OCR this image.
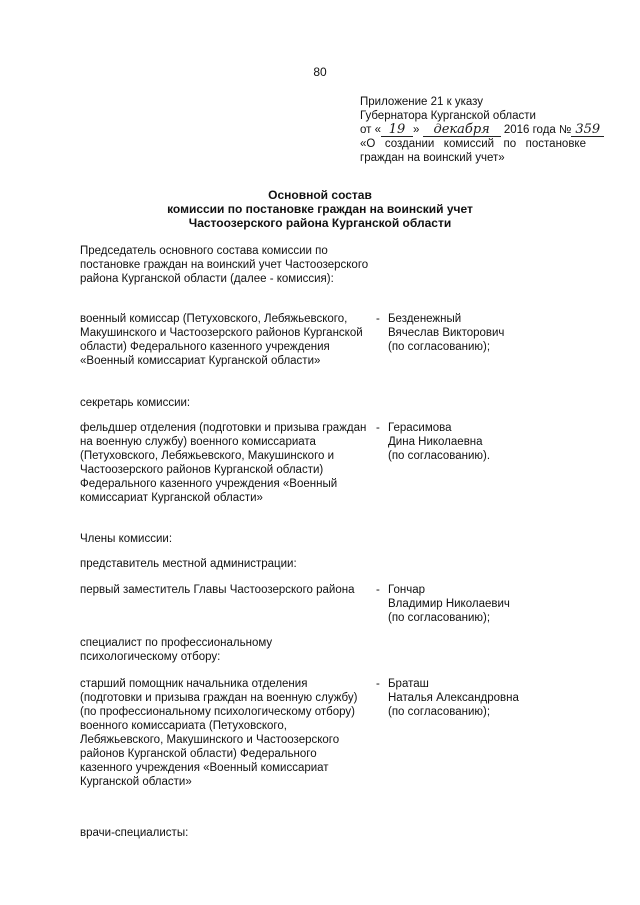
80
Приложение 21 к указу
Губернатора Курганской области
от « 19 » декабря 2016 года № 359
«О создании комиссий по постановке
граждан на воинский учет»
Основной состав
комиссии по постановке граждан на воинский учет
Частоозерского района Курганской области
Председатель основного состава комиссии по постановке граждан на воинский учет Частоозерского района Курганской области (далее - комиссия):
военный комиссар (Петуховского, Лебяжьевского, Макушинского и Частоозерского районов Курганской области) Федерального казенного учреждения «Военный комиссариат Курганской области»
- Безденежный
Вячеслав Викторович
(по согласованию);
секретарь комиссии:
фельдшер отделения (подготовки и призыва граждан на военную службу) военного комиссариата (Петуховского, Лебяжьевского, Макушинского и Частоозерского районов Курганской области) Федерального казенного учреждения «Военный комиссариат Курганской области»
- Герасимова
Дина Николаевна
(по согласованию).
Члены комиссии:
представитель местной администрации:
первый заместитель Главы Частоозерского района	- Гончар
Владимир Николаевич
(по согласованию);
специалист по профессиональному психологическому отбору:
старший помощник начальника отделения (подготовки и призыва граждан на военную службу) (по профессиональному психологическому отбору) военного комиссариата (Петуховского, Лебяжьевского, Макушинского и Частоозерского районов Курганской области) Федерального казенного учреждения «Военный комиссариат Курганской области»
- Браташ
Наталья Александровна
(по согласованию);
врачи-специалисты:
